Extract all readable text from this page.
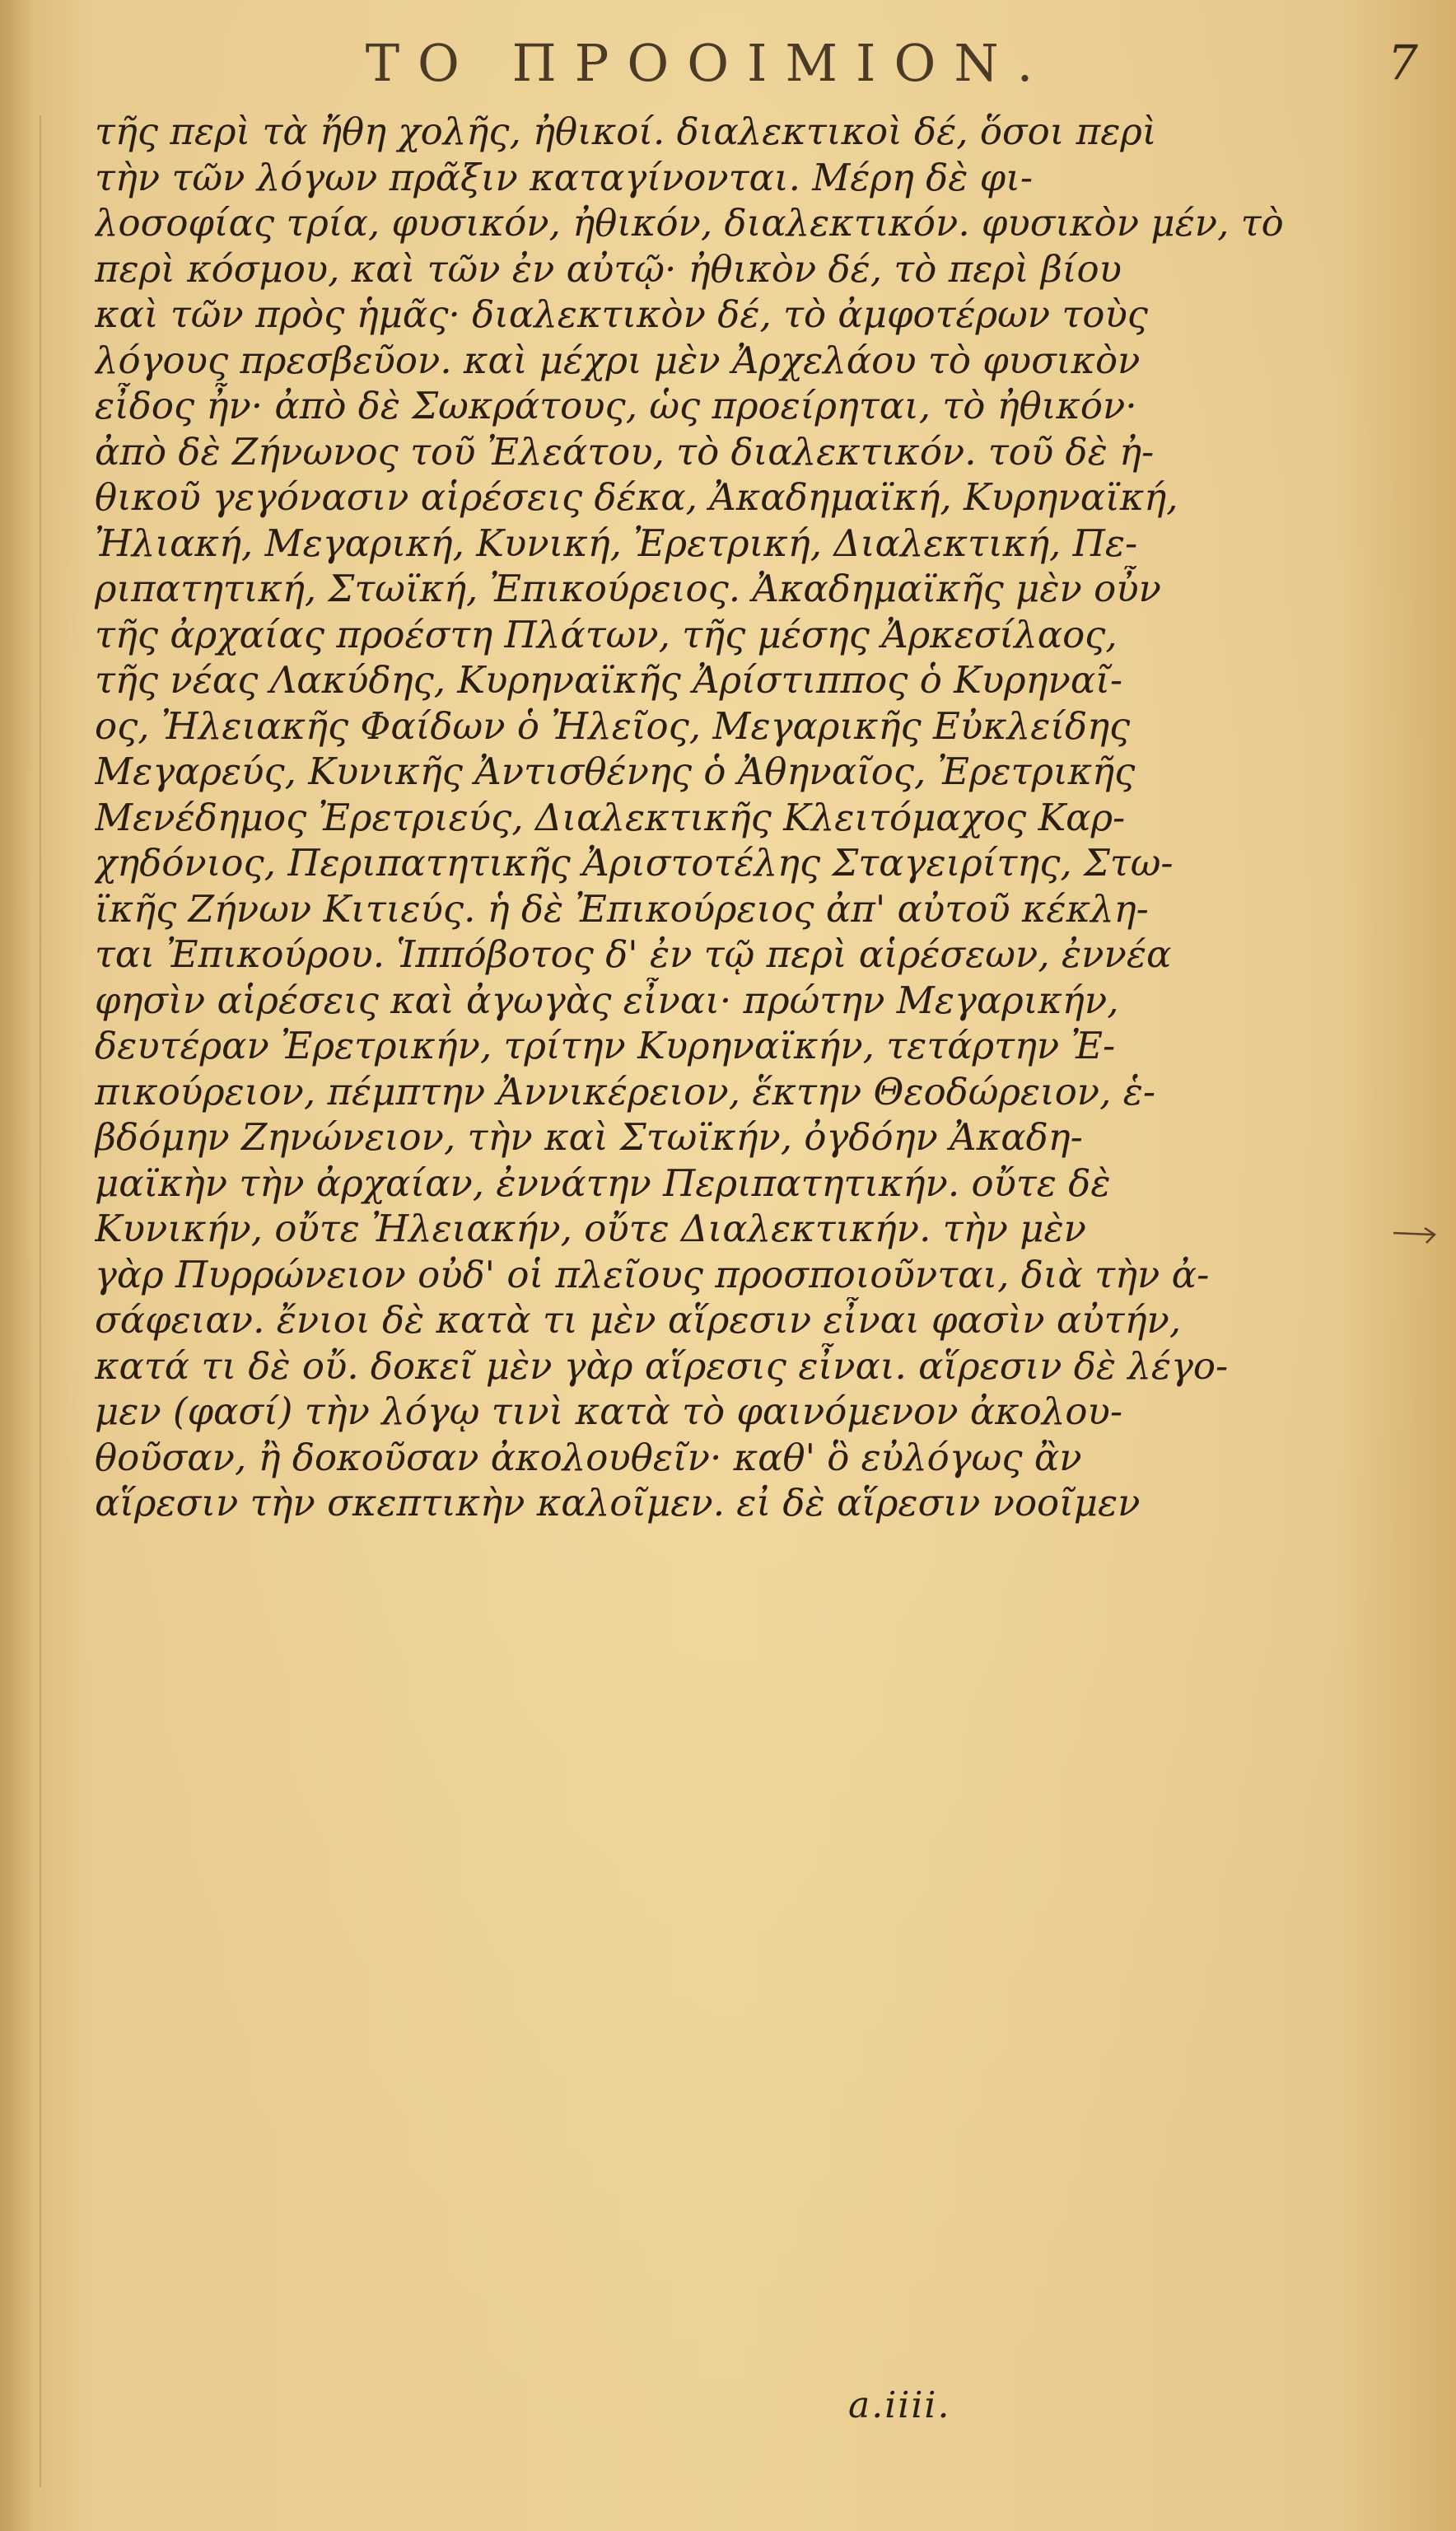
ΤΟ ΠΡΟΟΙΜΙΟΝ.	7
τῆς περὶ τὰ ἤθη χολῆς, ἠθικοί. διαλεκτικοὶ δέ, ὅσοι περὶ
τὴν τῶν λόγων πρᾶξιν καταγίνονται. Μέρη δὲ φι-
λοσοφίας τρία, φυσικόν, ἠθικόν, διαλεκτικόν. φυσικὸν μέν, τὸ
περὶ κόσμου, καὶ τῶν ἐν αὐτῷ· ἠθικὸν δέ, τὸ περὶ βίου
καὶ τῶν πρὸς ἡμᾶς· διαλεκτικὸν δέ, τὸ ἀμφοτέρων τοὺς
λόγους πρεσβεῦον. καὶ μέχρι μὲν Ἀρχελάου τὸ φυσικὸν
εἶδος ἦν· ἀπὸ δὲ Σωκράτους, ὡς προείρηται, τὸ ἠθικόν·
ἀπὸ δὲ Ζήνωνος τοῦ Ἐλεάτου, τὸ διαλεκτικόν. τοῦ δὲ ἠ-
θικοῦ γεγόνασιν αἱρέσεις δέκα, Ἀκαδημαϊκή, Κυρηναϊκή,
Ἠλιακή, Μεγαρική, Κυνική, Ἐρετρική, Διαλεκτική, Πε-
ριπατητική, Στωϊκή, Ἐπικούρειος. Ἀκαδημαϊκῆς μὲν οὖν
τῆς ἀρχαίας προέστη Πλάτων, τῆς μέσης Ἀρκεσίλαος,
τῆς νέας Λακύδης, Κυρηναϊκῆς Ἀρίστιππος ὁ Κυρηναῖ-
ος, Ἠλειακῆς Φαίδων ὁ Ἠλεῖος, Μεγαρικῆς Εὐκλείδης
Μεγαρεύς, Κυνικῆς Ἀντισθένης ὁ Ἀθηναῖος, Ἐρετρικῆς
Μενέδημος Ἐρετριεύς, Διαλεκτικῆς Κλειτόμαχος Καρ-
χηδόνιος, Περιπατητικῆς Ἀριστοτέλης Σταγειρίτης, Στω-
ϊκῆς Ζήνων Κιτιεύς. ἡ δὲ Ἐπικούρειος ἀπ' αὐτοῦ κέκλη-
ται Ἐπικούρου. Ἱππόβοτος δ' ἐν τῷ περὶ αἱρέσεων, ἐννέα
φησὶν αἱρέσεις καὶ ἀγωγὰς εἶναι· πρώτην Μεγαρικήν,
δευτέραν Ἐρετρικήν, τρίτην Κυρηναϊκήν, τετάρτην Ἐ-
πικούρειον, πέμπτην Ἀννικέρειον, ἕκτην Θεοδώρειον, ἑ-
βδόμην Ζηνώνειον, τὴν καὶ Στωϊκήν, ὀγδόην Ἀκαδη-
μαϊκὴν τὴν ἀρχαίαν, ἐννάτην Περιπατητικήν. οὔτε δὲ
Κυνικήν, οὔτε Ἠλειακήν, οὔτε Διαλεκτικήν. τὴν μὲν
γὰρ Πυρρώνειον οὐδ' οἱ πλεῖους προσποιοῦνται, διὰ τὴν ἀ-
σάφειαν. ἔνιοι δὲ κατὰ τι μὲν αἵρεσιν εἶναι φασὶν αὐτήν,
κατά τι δὲ οὔ. δοκεῖ μὲν γὰρ αἵρεσις εἶναι. αἵρεσιν δὲ λέγο-
μεν (φασί) τὴν λόγῳ τινὶ κατὰ τὸ φαινόμενον ἀκολου-
θοῦσαν, ἢ δοκοῦσαν ἀκολουθεῖν· καθ' ὃ εὐλόγως ἂν
αἵρεσιν τὴν σκεπτικὴν καλοῖμεν. εἰ δὲ αἵρεσιν νοοῖμεν
a.iiii.
